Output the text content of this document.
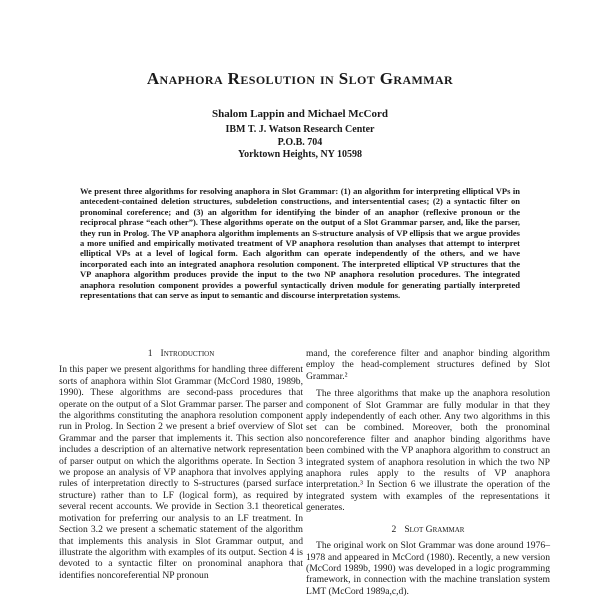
Anaphora Resolution in Slot Grammar
Shalom Lappin and Michael McCord
IBM T. J. Watson Research Center
P.O.B. 704
Yorktown Heights, NY 10598

We present three algorithms for resolving anaphora in Slot Grammar: (1) an algorithm for interpreting elliptical VPs in antecedent-contained deletion structures, subdeletion constructions, and intersentential cases; (2) a syntactic filter on pronominal coreference; and (3) an algorithm for identifying the binder of an anaphor (reflexive pronoun or the reciprocal phrase “each other”). These algorithms operate on the output of a Slot Grammar parser, and, like the parser, they run in Prolog. The VP anaphora algorithm implements an S-structure analysis of VP ellipsis that we argue provides a more unified and empirically motivated treatment of VP anaphora resolution than analyses that attempt to interpret elliptical VPs at a level of logical form. Each algorithm can operate independently of the others, and we have incorporated each into an integrated anaphora resolution component. The interpreted elliptical VP structures that the VP anaphora algorithm produces provide the input to the two NP anaphora resolution procedures. The integrated anaphora resolution component provides a powerful syntactically driven module for generating partially interpreted representations that can serve as input to semantic and discourse interpretation systems.

1 Introduction

In this paper we present algorithms for handling three different sorts of anaphora within Slot Grammar (McCord 1980, 1989b, 1990). These algorithms are second-pass procedures that operate on the output of a Slot Grammar parser. The parser and the algorithms constituting the anaphora resolution component run in Prolog. In Section 2 we present a brief overview of Slot Grammar and the parser that implements it. This section also includes a description of an alternative network representation of parser output on which the algorithms operate. In Section 3 we propose an analysis of VP anaphora that involves applying rules of interpretation directly to S-structures (parsed surface structure) rather than to LF (logical form), as required by several recent accounts. We provide in Section 3.1 theoretical motivation for preferring our analysis to an LF treatment. In Section 3.2 we present a schematic statement of the algorithm that implements this analysis in Slot Grammar output, and illustrate the algorithm with examples of its output. Section 4 is devoted to a syntactic filter on pronominal anaphora that identifies noncoreferential NP pronoun

mand, the coreference filter and anaphor binding algorithm employ the head-complement structures defined by Slot Grammar.²

The three algorithms that make up the anaphora resolution component of Slot Grammar are fully modular in that they apply independently of each other. Any two algorithms in this set can be combined. Moreover, both the pronominal noncoreference filter and anaphor binding algorithms have been combined with the VP anaphora algorithm to construct an integrated system of anaphora resolution in which the two NP anaphora rules apply to the results of VP anaphora interpretation.³ In Section 6 we illustrate the operation of the integrated system with examples of the representations it generates.

2 Slot Grammar

The original work on Slot Grammar was done around 1976–1978 and appeared in McCord (1980). Recently, a new version (McCord 1989b, 1990) was developed in a logic programming framework, in connection with the machine translation system LMT (McCord 1989a,c,d).
